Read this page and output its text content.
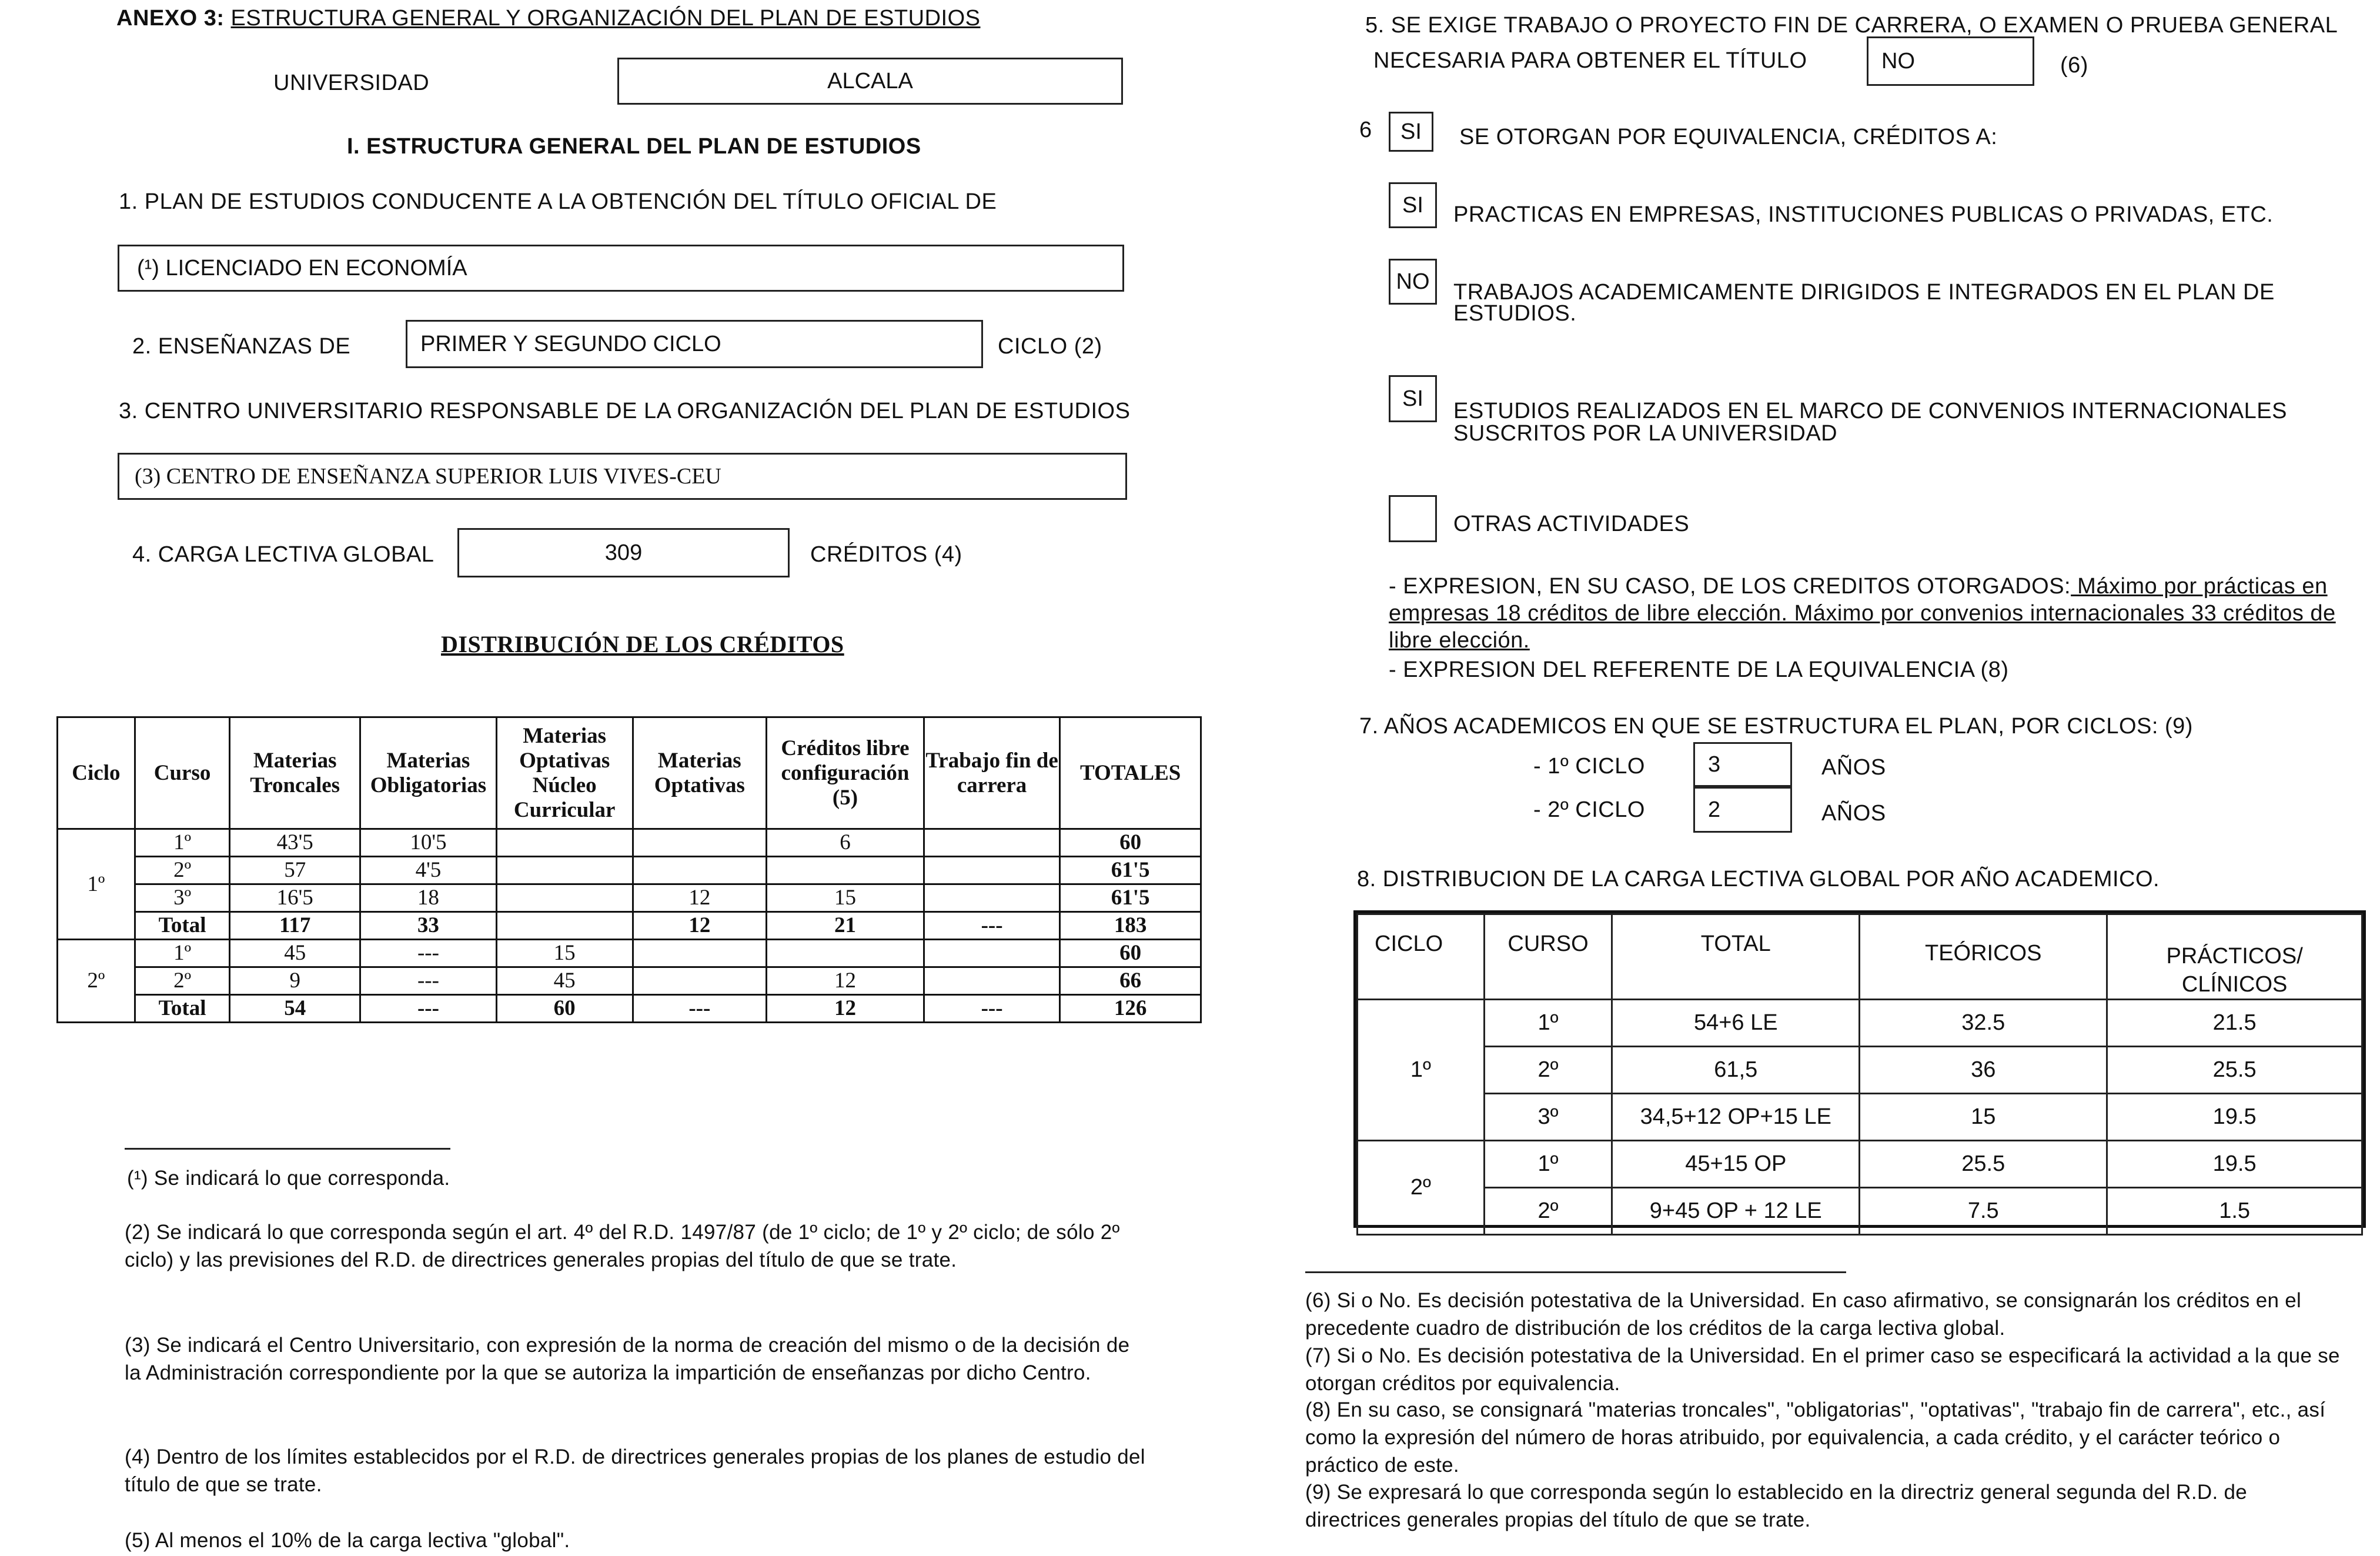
ANEXO 3: ESTRUCTURA GENERAL Y ORGANIZACIÓN DEL PLAN DE ESTUDIOS
UNIVERSIDAD	ALCALA
I. ESTRUCTURA GENERAL DEL PLAN DE ESTUDIOS
1. PLAN DE ESTUDIOS CONDUCENTE A LA OBTENCIÓN DEL TÍTULO OFICIAL DE
(¹) LICENCIADO EN ECONOMÍA
2. ENSEÑANZAS DE	PRIMER Y SEGUNDO CICLO	CICLO (2)
3. CENTRO UNIVERSITARIO RESPONSABLE DE LA ORGANIZACIÓN DEL PLAN DE ESTUDIOS
(3) CENTRO DE ENSEÑANZA SUPERIOR LUIS VIVES-CEU
4. CARGA LECTIVA GLOBAL	309	CRÉDITOS (4)
DISTRIBUCIÓN DE LOS CRÉDITOS
Ciclo	Curso	Materias Troncales	Materias Obligatorias	Materias Optativas Núcleo Curricular	Materias Optativas	Créditos libre configuración (5)	Trabajo fin de carrera	TOTALES
1º	1º	43'5	10'5			6		60
	2º	57	4'5					61'5
	3º	16'5	18		12	15		61'5
	Total	117	33		12	21	---	183
2º	1º	45	---	15				60
	2º	9	---	45		12		66
	Total	54	---	60	---	12	---	126
(¹) Se indicará lo que corresponda.
(2) Se indicará lo que corresponda según el art. 4º del R.D. 1497/87 (de 1º ciclo; de 1º y 2º ciclo; de sólo 2º ciclo) y las previsiones del R.D. de directrices generales propias del título de que se trate.
(3) Se indicará el Centro Universitario, con expresión de la norma de creación del mismo o de la decisión de la Administración correspondiente por la que se autoriza la impartición de enseñanzas por dicho Centro.
(4) Dentro de los límites establecidos por el R.D. de directrices generales propias de los planes de estudio del título de que se trate.
(5) Al menos el 10% de la carga lectiva "global".
5. SE EXIGE TRABAJO O PROYECTO FIN DE CARRERA, O EXAMEN O PRUEBA GENERAL
NECESARIA PARA OBTENER EL TÍTULO	NO	(6)
6	SI	SE OTORGAN POR EQUIVALENCIA, CRÉDITOS A:
SI	PRACTICAS EN EMPRESAS, INSTITUCIONES PUBLICAS O PRIVADAS, ETC.
NO	TRABAJOS ACADEMICAMENTE DIRIGIDOS E INTEGRADOS EN EL PLAN DE
ESTUDIOS.
SI
ESTUDIOS REALIZADOS EN EL MARCO DE CONVENIOS INTERNACIONALES
SUSCRITOS POR LA UNIVERSIDAD
OTRAS ACTIVIDADES
- EXPRESION, EN SU CASO, DE LOS CREDITOS OTORGADOS: Máximo por prácticas en
empresas 18 créditos de libre elección. Máximo por convenios internacionales 33 créditos de
libre elección.
- EXPRESION DEL REFERENTE DE LA EQUIVALENCIA (8)
7. AÑOS ACADEMICOS EN QUE SE ESTRUCTURA EL PLAN, POR CICLOS: (9)
- 1º CICLO	3	AÑOS
- 2º CICLO	2	AÑOS
8. DISTRIBUCION DE LA CARGA LECTIVA GLOBAL POR AÑO ACADEMICO.
CICLO	CURSO	TOTAL	TEÓRICOS	PRÁCTICOS/ CLÍNICOS
1º	1º	54+6 LE	32.5	21.5
	2º	61,5	36	25.5
	3º	34,5+12 OP+15 LE	15	19.5
2º	1º	45+15 OP	25.5	19.5
	2º	9+45 OP + 12 LE	7.5	1.5
(6) Si o No. Es decisión potestativa de la Universidad. En caso afirmativo, se consignarán los créditos en el precedente cuadro de distribución de los créditos de la carga lectiva global.
(7) Si o No. Es decisión potestativa de la Universidad. En el primer caso se especificará la actividad a la que se otorgan créditos por equivalencia.
(8) En su caso, se consignará "materias troncales", "obligatorias", "optativas", "trabajo fin de carrera", etc., así como la expresión del número de horas atribuido, por equivalencia, a cada crédito, y el carácter teórico o práctico de este.
(9) Se expresará lo que corresponda según lo establecido en la directriz general segunda del R.D. de directrices generales propias del título de que se trate.
